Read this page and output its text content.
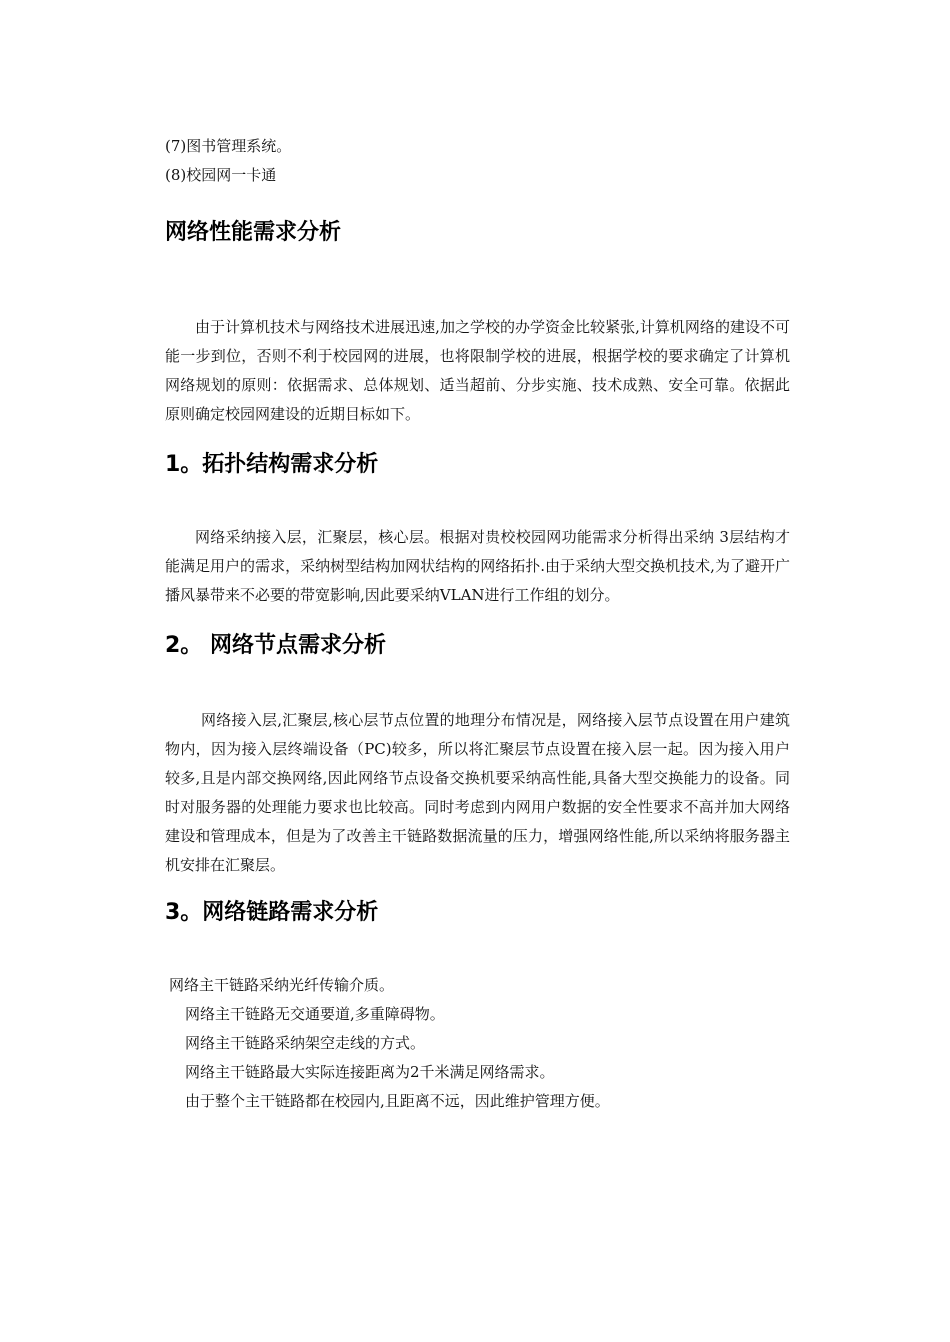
(7)图书管理系统。
(8)校园网一卡通
网络性能需求分析
由于计算机技术与网络技术进展迅速,加之学校的办学资金比较紧张,计算机网络的建设不可能一步到位，否则不利于校园网的进展，也将限制学校的进展，根据学校的要求确定了计算机网络规划的原则：依据需求、总体规划、适当超前、分步实施、技术成熟、安全可靠。依据此原则确定校园网建设的近期目标如下。
1。拓扑结构需求分析
网络采纳接入层，汇聚层，核心层。根据对贵校校园网功能需求分析得出采纳 3层结构才能满足用户的需求，采纳树型结构加网状结构的网络拓扑.由于采纳大型交换机技术,为了避开广播风暴带来不必要的带宽影响,因此要采纳VLAN进行工作组的划分。
2。 网络节点需求分析
网络接入层,汇聚层,核心层节点位置的地理分布情况是，网络接入层节点设置在用户建筑物内，因为接入层终端设备（PC)较多，所以将汇聚层节点设置在接入层一起。因为接入用户较多,且是内部交换网络,因此网络节点设备交换机要采纳高性能,具备大型交换能力的设备。同时对服务器的处理能力要求也比较高。同时考虑到内网用户数据的安全性要求不高并加大网络建设和管理成本，但是为了改善主干链路数据流量的压力，增强网络性能,所以采纳将服务器主机安排在汇聚层。
3。网络链路需求分析
网络主干链路采纳光纤传输介质。
网络主干链路无交通要道,多重障碍物。
网络主干链路采纳架空走线的方式。
网络主干链路最大实际连接距离为2千米满足网络需求。
由于整个主干链路都在校园内,且距离不远，因此维护管理方便。
